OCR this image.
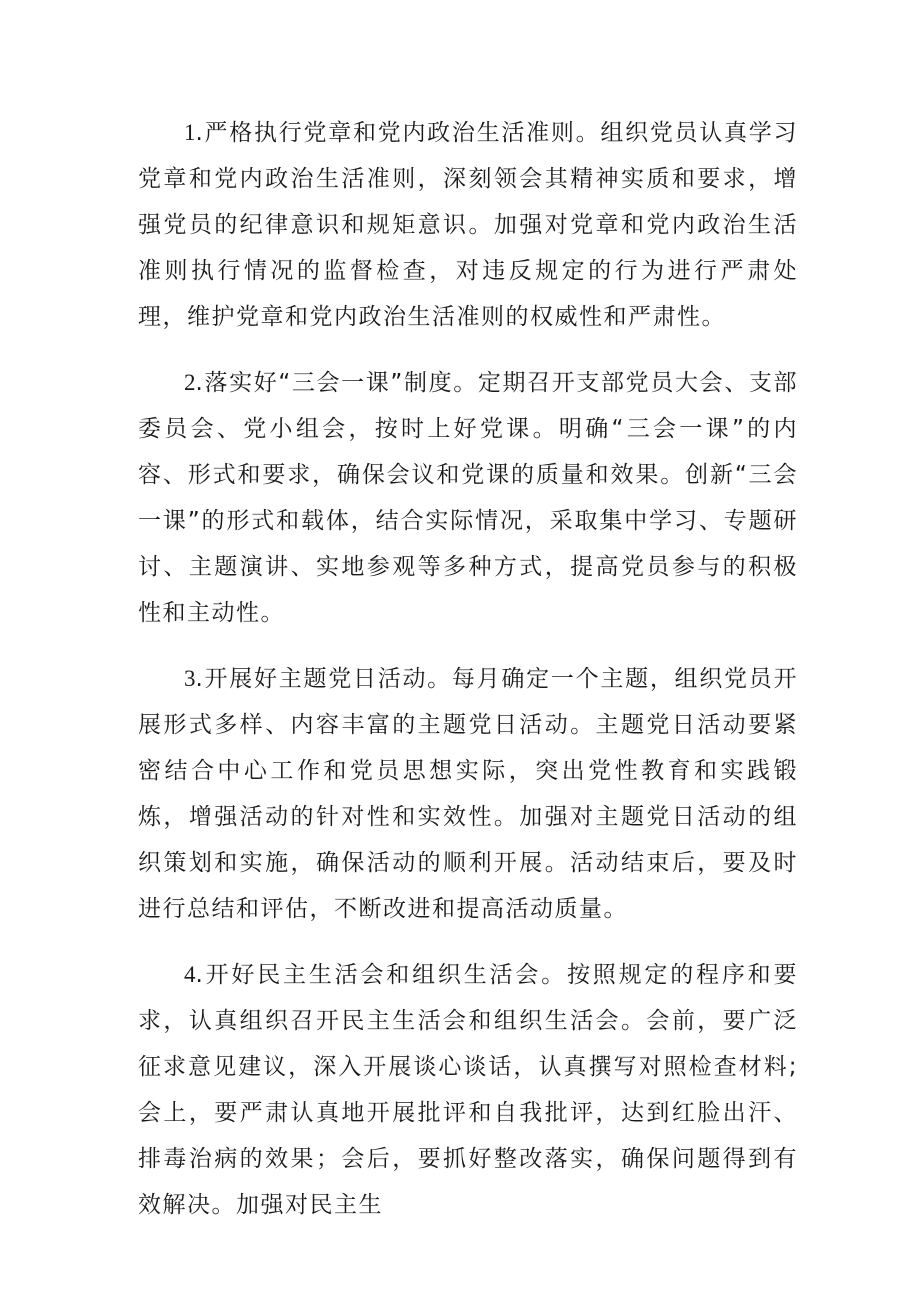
1.严格执行党章和党内政治生活准则。组织党员认真学习党章和党内政治生活准则，深刻领会其精神实质和要求，增强党员的纪律意识和规矩意识。加强对党章和党内政治生活准则执行情况的监督检查，对违反规定的行为进行严肃处理，维护党章和党内政治生活准则的权威性和严肃性。

2.落实好“三会一课”制度。定期召开支部党员大会、支部委员会、党小组会，按时上好党课。明确“三会一课”的内容、形式和要求，确保会议和党课的质量和效果。创新“三会一课”的形式和载体，结合实际情况，采取集中学习、专题研讨、主题演讲、实地参观等多种方式，提高党员参与的积极性和主动性。

3.开展好主题党日活动。每月确定一个主题，组织党员开展形式多样、内容丰富的主题党日活动。主题党日活动要紧密结合中心工作和党员思想实际，突出党性教育和实践锻炼，增强活动的针对性和实效性。加强对主题党日活动的组织策划和实施，确保活动的顺利开展。活动结束后，要及时进行总结和评估，不断改进和提高活动质量。

4.开好民主生活会和组织生活会。按照规定的程序和要求，认真组织召开民主生活会和组织生活会。会前，要广泛征求意见建议，深入开展谈心谈话，认真撰写对照检查材料;会上，要严肃认真地开展批评和自我批评，达到红脸出汗、排毒治病的效果；会后，要抓好整改落实，确保问题得到有效解决。加强对民主生
